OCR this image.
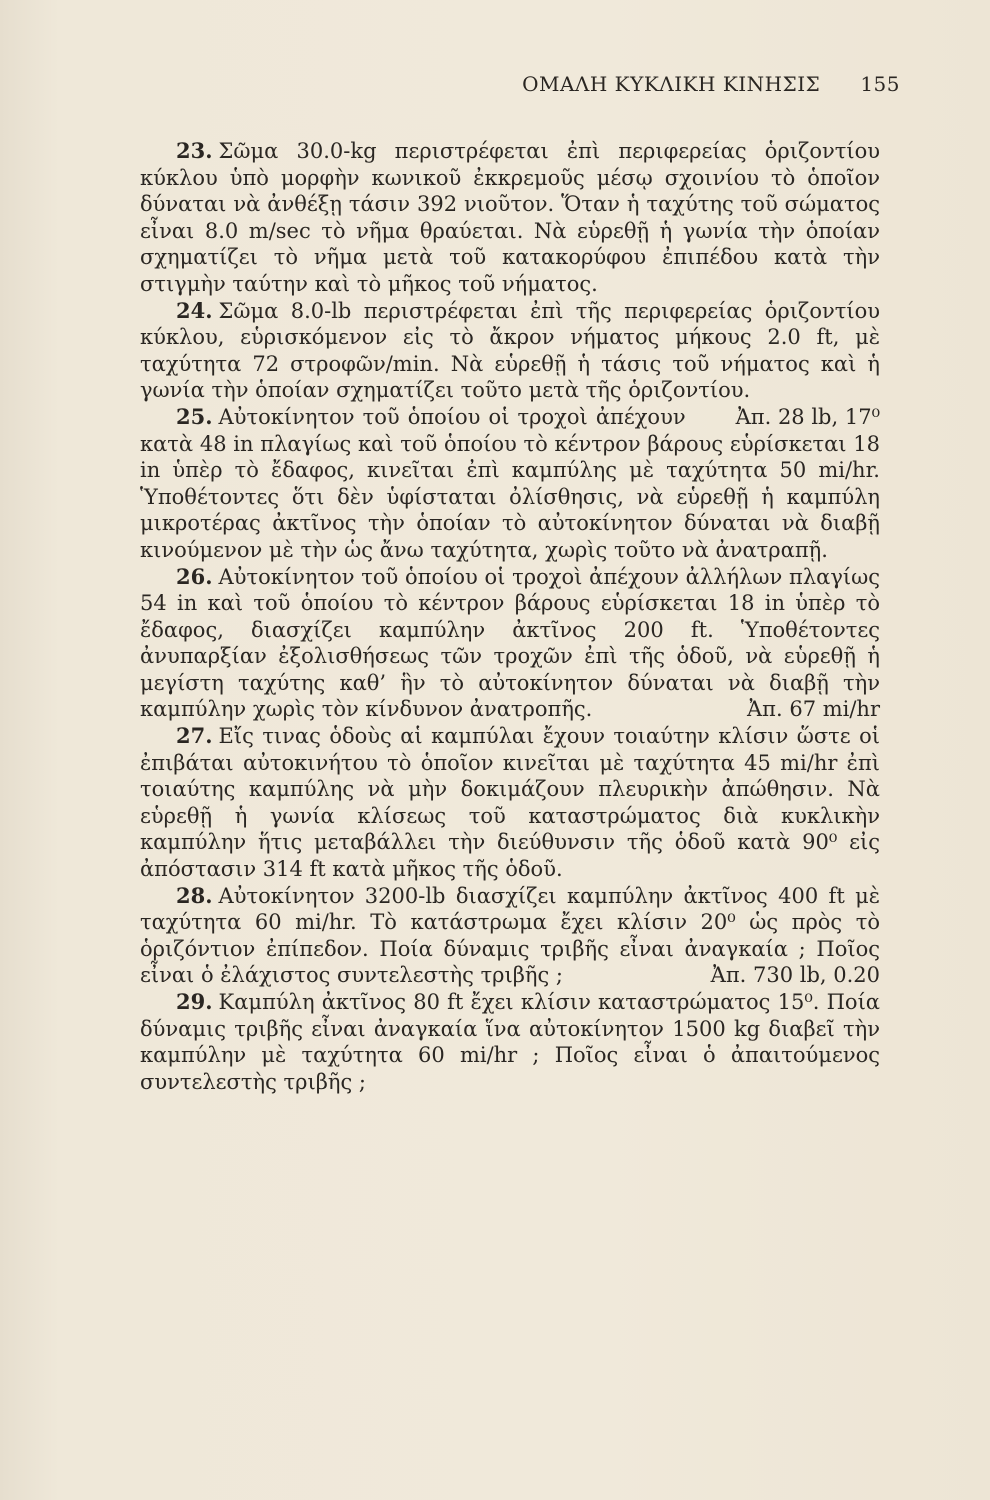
ΟΜΑΛΗ ΚΥΚΛΙΚΗ ΚΙΝΗΣΙΣ 155

23. Σῶμα 30.0-kg περιστρέφεται ἐπὶ περιφερείας ὁριζοντίου κύκλου ὑπὸ μορφὴν κωνικοῦ ἐκκρεμοῦς μέσῳ σχοινίου τὸ ὁποῖον δύναται νὰ ἀνθέξῃ τάσιν 392 νιοῦτον. Ὅταν ἡ ταχύτης τοῦ σώματος εἶναι 8.0 m/sec τὸ νῆμα θραύεται. Νὰ εὑρεθῇ ἡ γωνία τὴν ὁποίαν σχηματίζει τὸ νῆμα μετὰ τοῦ κατακορύφου ἐπιπέδου κατὰ τὴν στιγμὴν ταύτην καὶ τὸ μῆκος τοῦ νήματος.

24. Σῶμα 8.0-lb περιστρέφεται ἐπὶ τῆς περιφερείας ὁριζοντίου κύκλου, εὑρισκόμενον εἰς τὸ ἄκρον νήματος μήκους 2.0 ft, μὲ ταχύτητα 72 στροφῶν/min. Νὰ εὑρεθῇ ἡ τάσις τοῦ νήματος καὶ ἡ γωνία τὴν ὁποίαν σχηματίζει τοῦτο μετὰ τῆς ὁριζοντίου.
Ἀπ. 28 lb, 17⁰

25. Αὐτοκίνητον τοῦ ὁποίου οἱ τροχοὶ ἀπέχουν κατὰ 48 in πλαγίως καὶ τοῦ ὁποίου τὸ κέντρον βάρους εὑρίσκεται 18 in ὑπὲρ τὸ ἔδαφος, κινεῖται ἐπὶ καμπύλης μὲ ταχύτητα 50 mi/hr. Ὑποθέτοντες ὅτι δὲν ὑφίσταται ὀλίσθησις, νὰ εὑρεθῇ ἡ καμπύλη μικροτέρας ἀκτῖνος τὴν ὁποίαν τὸ αὐτοκίνητον δύναται νὰ διαβῇ κινούμενον μὲ τὴν ὡς ἄνω ταχύτητα, χωρὶς τοῦτο νὰ ἀνατραπῇ.

26. Αὐτοκίνητον τοῦ ὁποίου οἱ τροχοὶ ἀπέχουν ἀλλήλων πλαγίως 54 in καὶ τοῦ ὁποίου τὸ κέντρον βάρους εὑρίσκεται 18 in ὑπὲρ τὸ ἔδαφος, διασχίζει καμπύλην ἀκτῖνος 200 ft. Ὑποθέτοντες ἀνυπαρξίαν ἐξολισθήσεως τῶν τροχῶν ἐπὶ τῆς ὁδοῦ, νὰ εὑρεθῇ ἡ μεγίστη ταχύτης καθ’ ἣν τὸ αὐτοκίνητον δύναται νὰ διαβῇ τὴν καμπύλην χωρὶς τὸν κίνδυνον ἀνατροπῆς.	Ἀπ. 67 mi/hr

27. Εἴς τινας ὁδοὺς αἱ καμπύλαι ἔχουν τοιαύτην κλίσιν ὥστε οἱ ἐπιβάται αὐτοκινήτου τὸ ὁποῖον κινεῖται μὲ ταχύτητα 45 mi/hr ἐπὶ τοιαύτης καμπύλης νὰ μὴν δοκιμάζουν πλευρικὴν ἀπώθησιν. Νὰ εὑρεθῇ ἡ γωνία κλίσεως τοῦ καταστρώματος διὰ κυκλικὴν καμπύλην ἥτις μεταβάλλει τὴν διεύθυνσιν τῆς ὁδοῦ κατὰ 90⁰ εἰς ἀπόστασιν 314 ft κατὰ μῆκος τῆς ὁδοῦ.

28. Αὐτοκίνητον 3200-lb διασχίζει καμπύλην ἀκτῖνος 400 ft μὲ ταχύτητα 60 mi/hr. Τὸ κατάστρωμα ἔχει κλίσιν 20⁰ ὡς πρὸς τὸ ὁριζόντιον ἐπίπεδον. Ποία δύναμις τριβῆς εἶναι ἀναγκαία ; Ποῖος εἶναι ὁ ἐλάχιστος συντελεστὴς τριβῆς ;	Ἀπ. 730 lb, 0.20

29. Καμπύλη ἀκτῖνος 80 ft ἔχει κλίσιν καταστρώματος 15⁰. Ποία δύναμις τριβῆς εἶναι ἀναγκαία ἵνα αὐτοκίνητον 1500 kg διαβεῖ τὴν καμπύλην μὲ ταχύτητα 60 mi/hr ; Ποῖος εἶναι ὁ ἀπαιτούμενος συντελεστὴς τριβῆς ;
